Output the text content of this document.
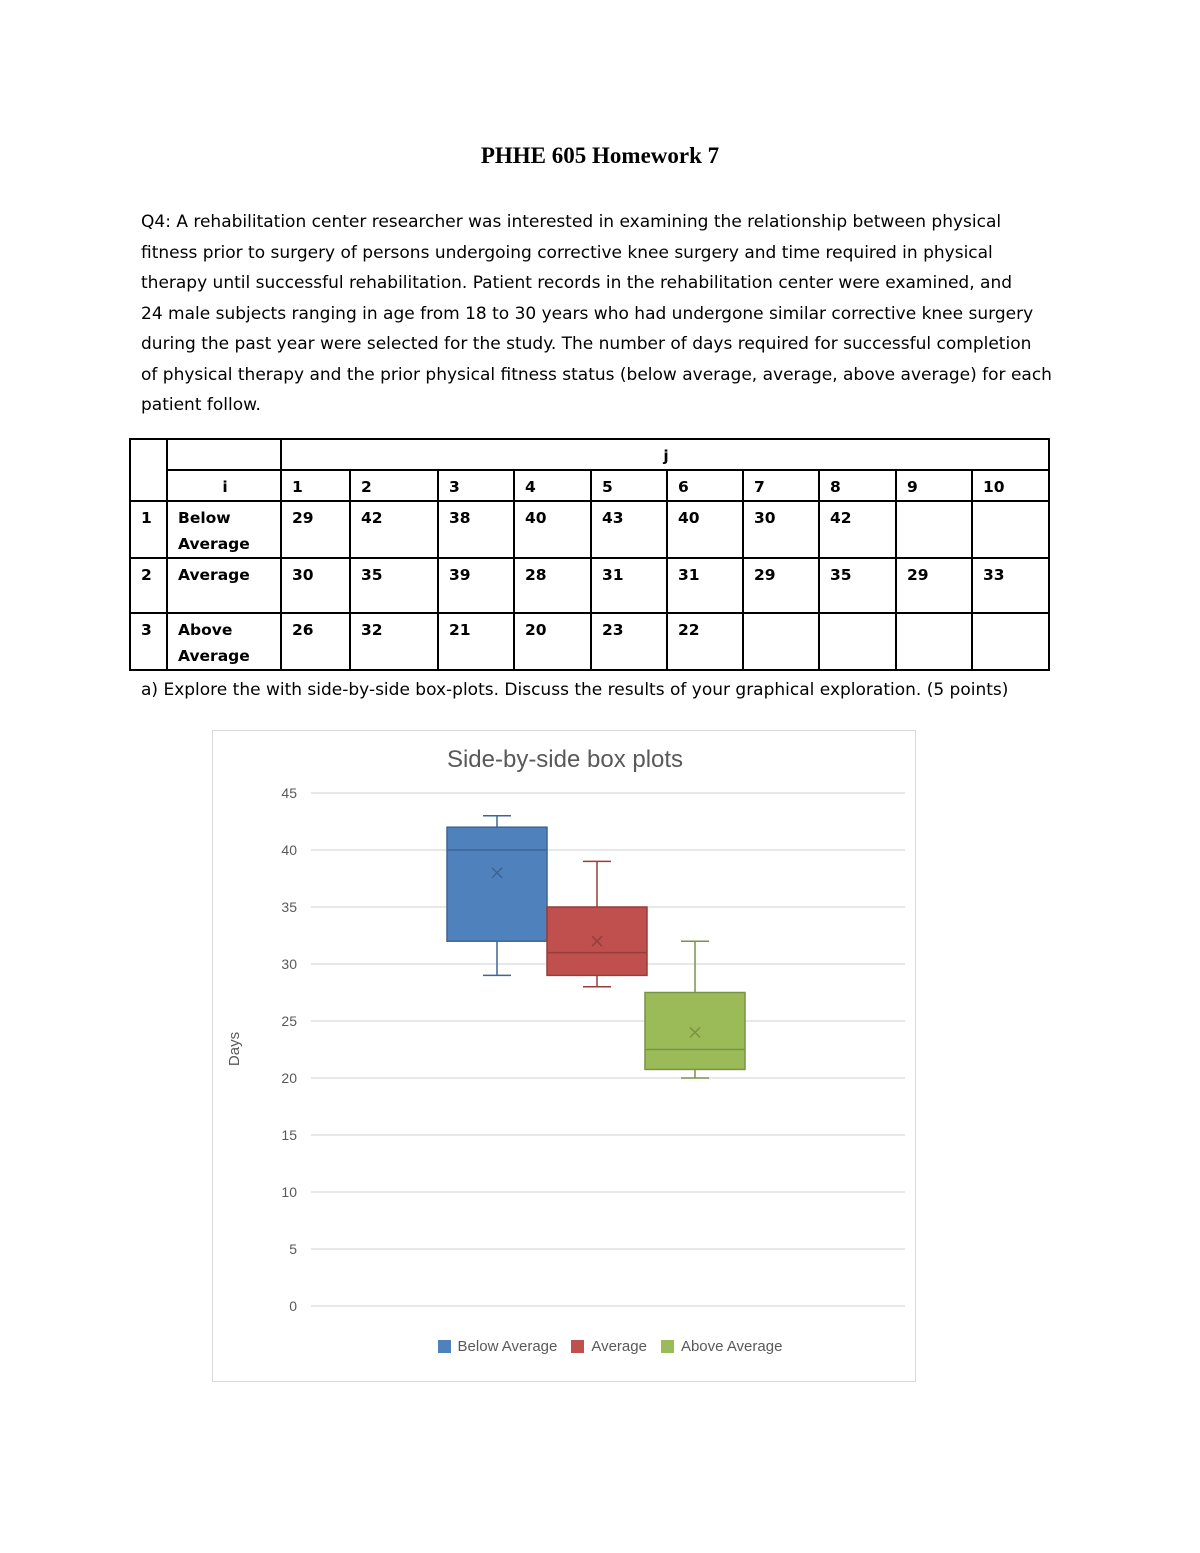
PHHE 605 Homework 7
Q4: A rehabilitation center researcher was interested in examining the relationship between physical
fitness prior to surgery of persons undergoing corrective knee surgery and time required in physical
therapy until successful rehabilitation. Patient records in the rehabilitation center were examined, and
24 male subjects ranging in age from 18 to 30 years who had undergone similar corrective knee surgery
during the past year were selected for the study. The number of days required for successful completion
of physical therapy and the prior physical fitness status (below average, average, above average) for each
patient follow.
		j									
	i	1	2	3	4	5	6	7	8	9	10
1	Below
Average	29	42	38	40	43	40	30	42		
2	Average	30	35	39	28	31	31	29	35	29	33
3	Above
Average	26	32	21	20	23	22				
a) Explore the with side-by-side box-plots. Discuss the results of your graphical exploration. (5 points)
Side-by-side box plots
0
5
10
15
20
25
30
35
40
45
Days
Below Average Average Above Average
